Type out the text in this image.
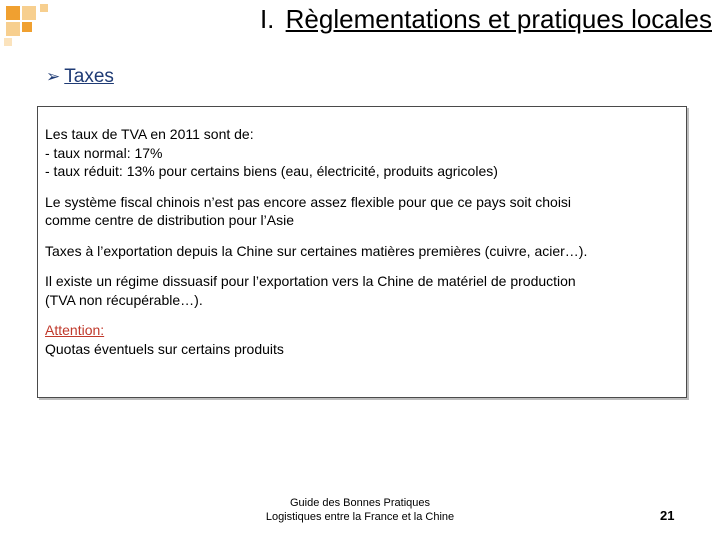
I. Règlementations et pratiques locales
➢ Taxes

Les taux de TVA en 2011 sont de:

- taux normal: 17%

- taux réduit: 13% pour certains biens (eau, électricité, produits agricoles)

Le système fiscal chinois n’est pas encore assez flexible pour que ce pays soit choisi

comme centre de distribution pour l’Asie

Taxes à l’exportation depuis la Chine sur certaines matières premières (cuivre, acier…).

Il existe un régime dissuasif pour l’exportation vers la Chine de matériel de production

(TVA non récupérable…).

Attention:

Quotas éventuels sur certains produits

Guide des Bonnes Pratiques
Logistiques entre la France et la Chine	21
